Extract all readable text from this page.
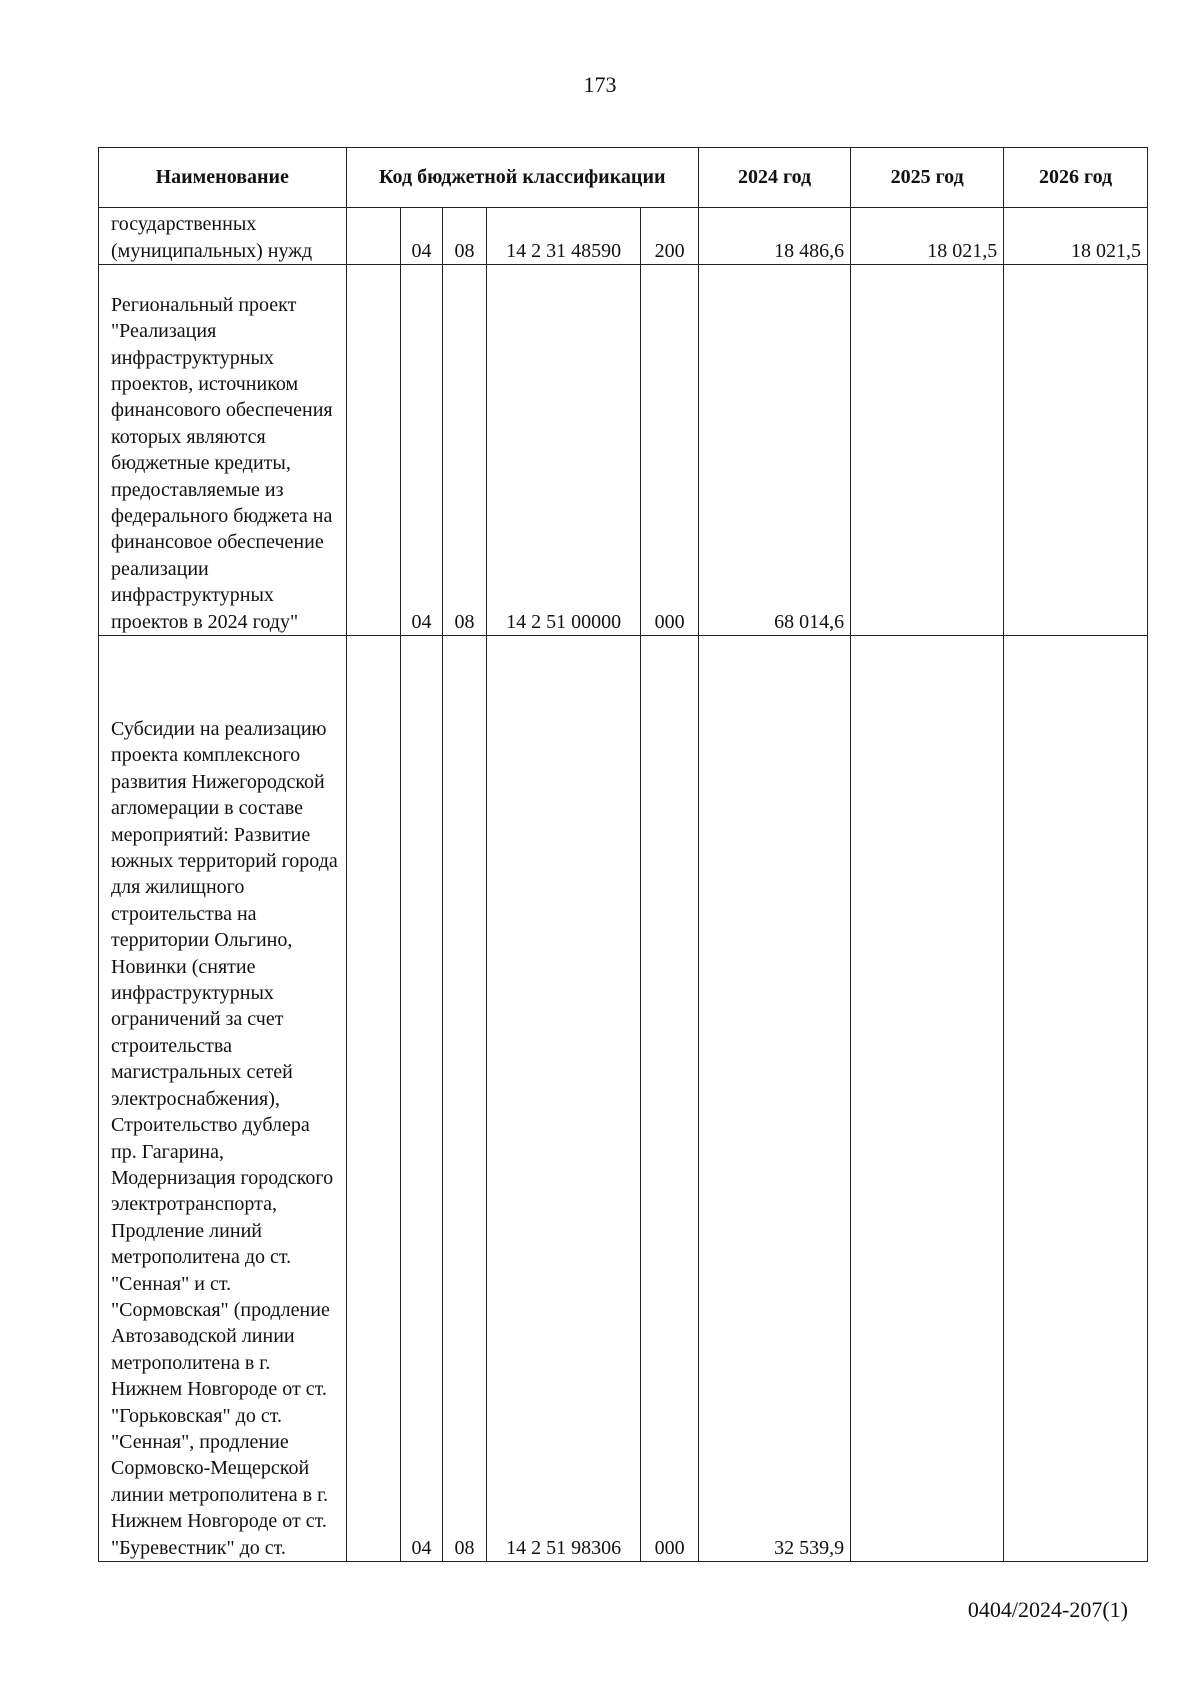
173
Наименование	Код бюджетной классификации					2024 год	2025 год	2026 год
государственных (муниципальных) нужд		04	08	14 2 31 48590	200	18 486,6	18 021,5	18 021,5
Региональный проект "Реализация инфраструктурных проектов, источником финансового обеспечения которых являются бюджетные кредиты, предоставляемые из федерального бюджета на финансовое обеспечение реализации инфраструктурных проектов в 2024 году"		04	08	14 2 51 00000	000	68 014,6		
Субсидии на реализацию проекта комплексного развития Нижегородской агломерации в составе мероприятий: Развитие южных территорий города для жилищного строительства на территории Ольгино, Новинки (снятие инфраструктурных ограничений за счет строительства магистральных сетей электроснабжения), Строительство дублера пр. Гагарина, Модернизация городского электротранспорта, Продление линий метрополитена до ст. "Сенная" и ст. "Сормовская" (продление Автозаводской линии метрополитена в г. Нижнем Новгороде от ст. "Горьковская" до ст. "Сенная", продление Сормовско-Мещерской линии метрополитена в г. Нижнем Новгороде от ст. "Буревестник" до ст.		04	08	14 2 51 98306	000	32 539,9		
0404/2024-207(1)
